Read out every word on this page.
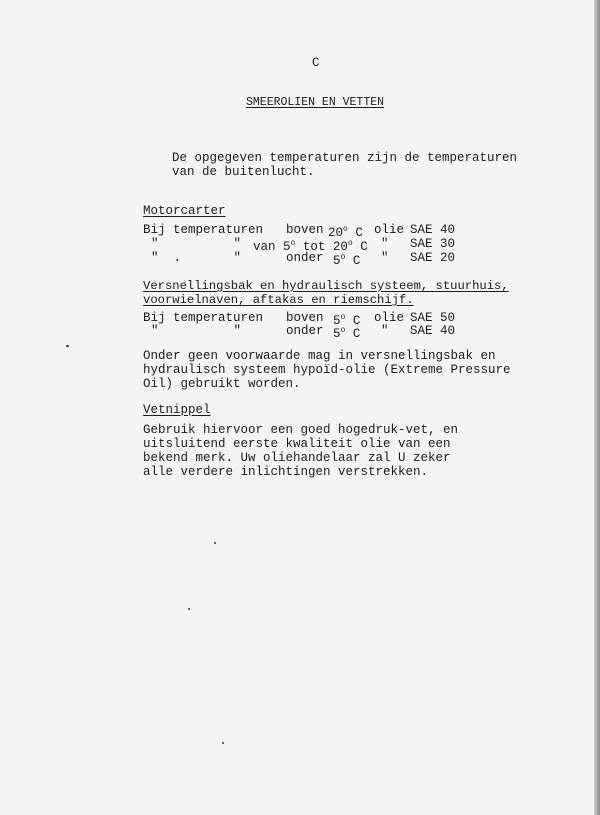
C
SMEEROLIEN EN VETTEN
De opgegeven temperaturen zijn de temperaturen
van de buitenlucht.
Motorcarter
Bij temperaturen boven 20$^o$ C olie SAE 40
"          " van 5$^o$ tot 20$^o$ C " SAE 30
"  .       "	onder 5$^o$ C " SAE 20
Versnellingsbak en hydraulisch systeem, stuurhuis,
voorwielnaven, aftakas en riemschijf.
Bij temperaturen boven 5$^o$ C olie SAE 50
"          "	onder 5$^o$ C " SAE 40
Onder geen voorwaarde mag in versnellingsbak en
hydraulisch systeem hypoïd-olie (Extreme Pressure
Oil) gebruikt worden.
Vetnippel
Gebruik hiervoor een goed hogedruk-vet, en
uitsluitend eerste kwaliteit olie van een
bekend merk. Uw oliehandelaar zal U zeker
alle verdere inlichtingen verstrekken.
